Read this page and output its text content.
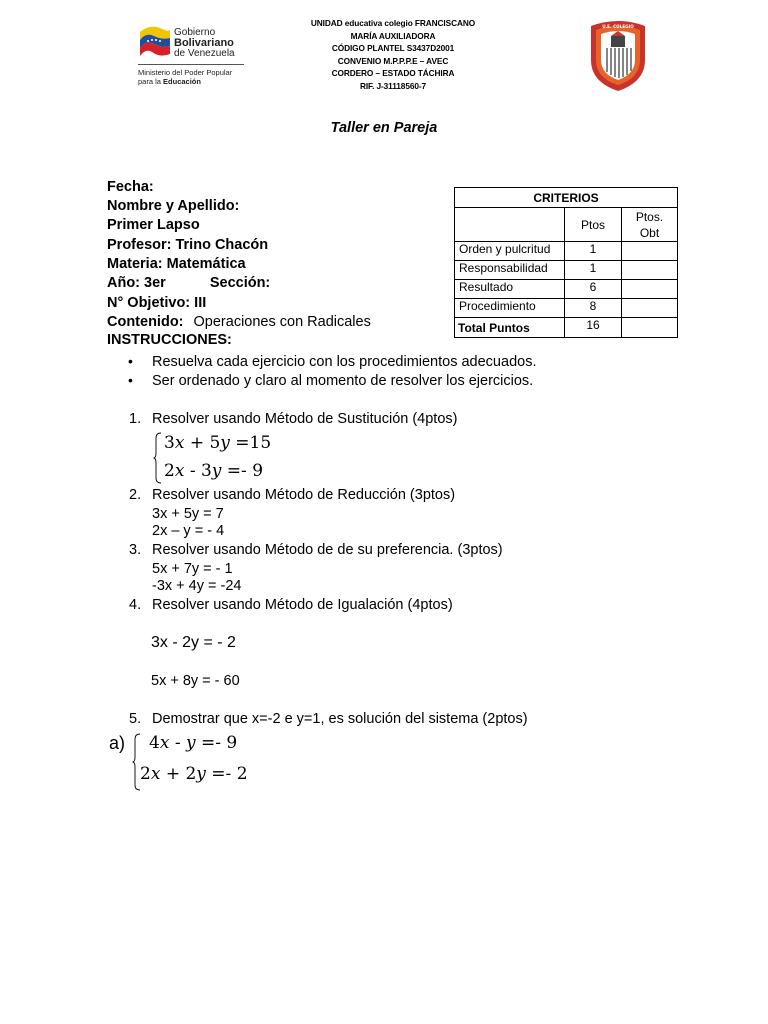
Gobierno
Bolivariano
de Venezuela
Ministerio del Poder Popular
para la Educación
UNIDAD educativa colegio FRANCISCANO
MARÍA AUXILIADORA
CÓDIGO PLANTEL S3437D2001
CONVENIO M.P.P.P.E – AVEC
CORDERO – ESTADO TÁCHIRA
RIF. J-31118560-7
U.E. COLEGIO
Taller en Pareja
Fecha:
Nombre y Apellido:
Primer Lapso
Profesor: Trino Chacón
Materia: Matemática
Año: 3er	Sección:
N° Objetivo: III
Contenido: Operaciones con Radicales
INSTRUCCIONES:
CRITERIOS		
	Ptos	Ptos.
Obt
Orden y pulcritud	1	
Responsabilidad	1	
Resultado	6	
Procedimiento	8	
Total Puntos	16	
• Resuelva cada ejercicio con los procedimientos adecuados.
• Ser ordenado y claro al momento de resolver los ejercicios.
1. Resolver usando Método de Sustitución (4ptos)
3x + 5y =15
2x - 3y =- 9
2. Resolver usando Método de Reducción (3ptos)
3x + 5y = 7
2x – y = - 4
3. Resolver usando Método de de su preferencia. (3ptos)
5x + 7y = - 1
-3x + 4y = -24
4. Resolver usando Método de Igualación (4ptos)
3x - 2y = - 2
5x + 8y = - 60
5. Demostrar que x=-2 e y=1, es solución del sistema (2ptos)
a) 4x - y =- 9
2x + 2y =- 2
